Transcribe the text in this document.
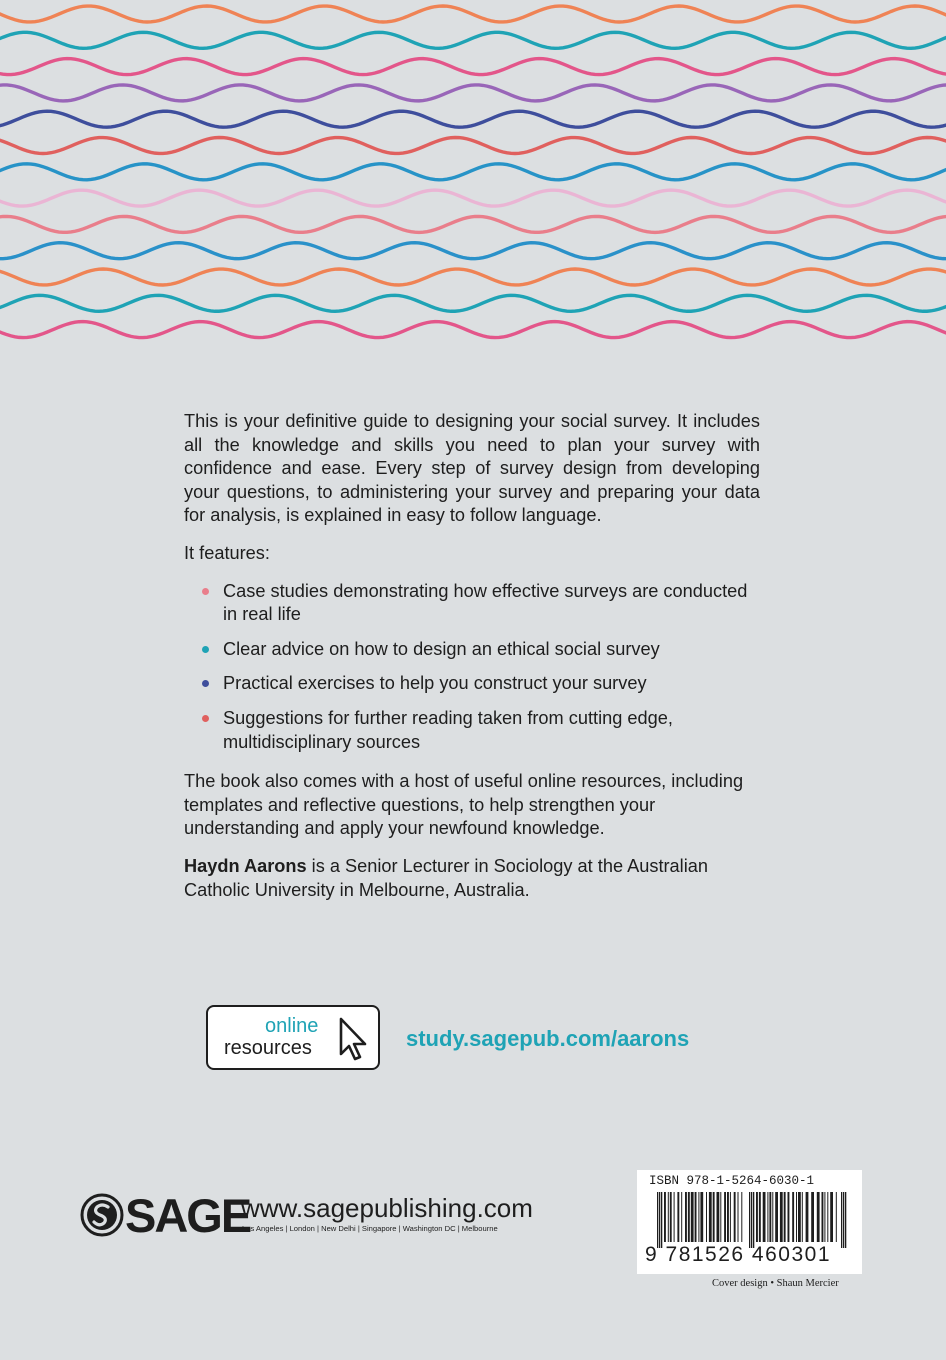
This is your definitive guide to designing your social survey. It includes all the knowledge and skills you need to plan your survey with confidence and ease. Every step of survey design from developing your questions, to administering your survey and preparing your data for analysis, is explained in easy to follow language.

It features:

Case studies demonstrating how effective surveys are conducted in real life
Clear advice on how to design an ethical social survey
Practical exercises to help you construct your survey
Suggestions for further reading taken from cutting edge, multidisciplinary sources

The book also comes with a host of useful online resources, including templates and reflective questions, to help strengthen your understanding and apply your newfound knowledge.

Haydn Aarons is a Senior Lecturer in Sociology at the Australian Catholic University in Melbourne, Australia.

online
resources	study.sagepub.com/aarons
SAGE
www.sagepublishing.com
Los Angeles | London | New Delhi | Singapore | Washington DC | Melbourne
ISBN 978-1-5264-6030-1
9 781526 460301
Cover design • Shaun Mercier
